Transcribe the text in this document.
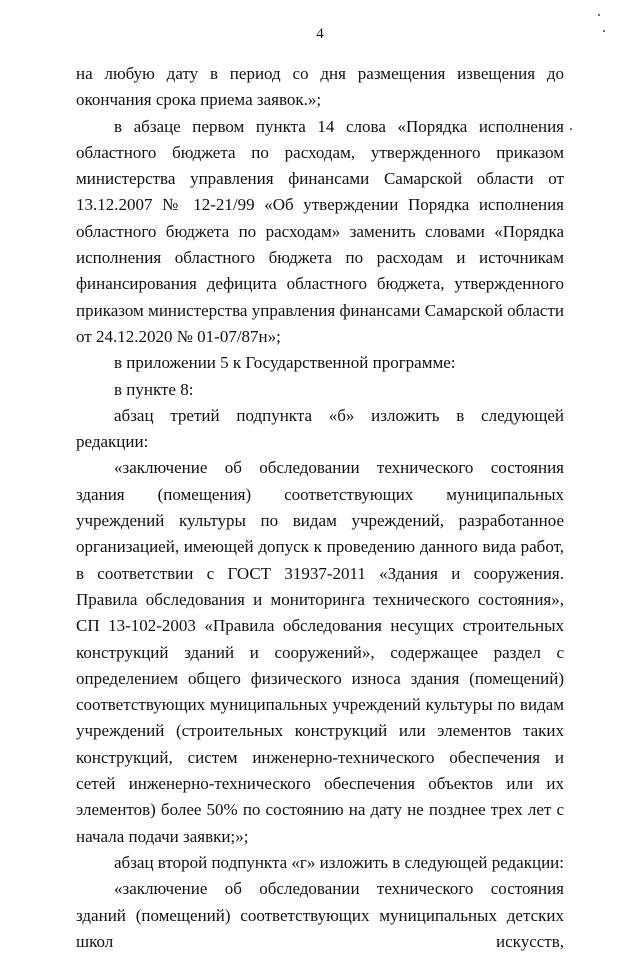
4

на любую дату в период со дня размещения извещения до окончания срока приема заявок.»;

в абзаце первом пункта 14 слова «Порядка исполнения областного бюджета по расходам, утвержденного приказом министерства управления финансами Самарской области от 13.12.2007 № 12-21/99 «Об утверждении Порядка исполнения областного бюджета по расходам» заменить словами «Порядка исполнения областного бюджета по расходам и источникам финансирования дефицита областного бюджета, утвержденного приказом министерства управления финансами Самарской области от 24.12.2020 № 01-07/87н»;

в приложении 5 к Государственной программе:

в пункте 8:

абзац третий подпункта «б» изложить в следующей редакции:

«заключение об обследовании технического состояния здания (помещения) соответствующих муниципальных учреждений культуры по видам учреждений, разработанное организацией, имеющей допуск к проведению данного вида работ, в соответствии с ГОСТ 31937-2011 «Здания и сооружения. Правила обследования и мониторинга технического состояния», СП 13-102-2003 «Правила обследования несущих строительных конструкций зданий и сооружений», содержащее раздел с определением общего физического износа здания (помещений) соответствующих муниципальных учреждений культуры по видам учреждений (строительных конструкций или элементов таких конструкций, систем инженерно-технического обеспечения и сетей инженерно-технического обеспечения объектов или их элементов) более 50% по состоянию на дату не позднее трех лет с начала подачи заявки;»;

абзац второй подпункта «г» изложить в следующей редакции:

«заключение об обследовании технического состояния зданий (помещений) соответствующих муниципальных детских школ искусств,
